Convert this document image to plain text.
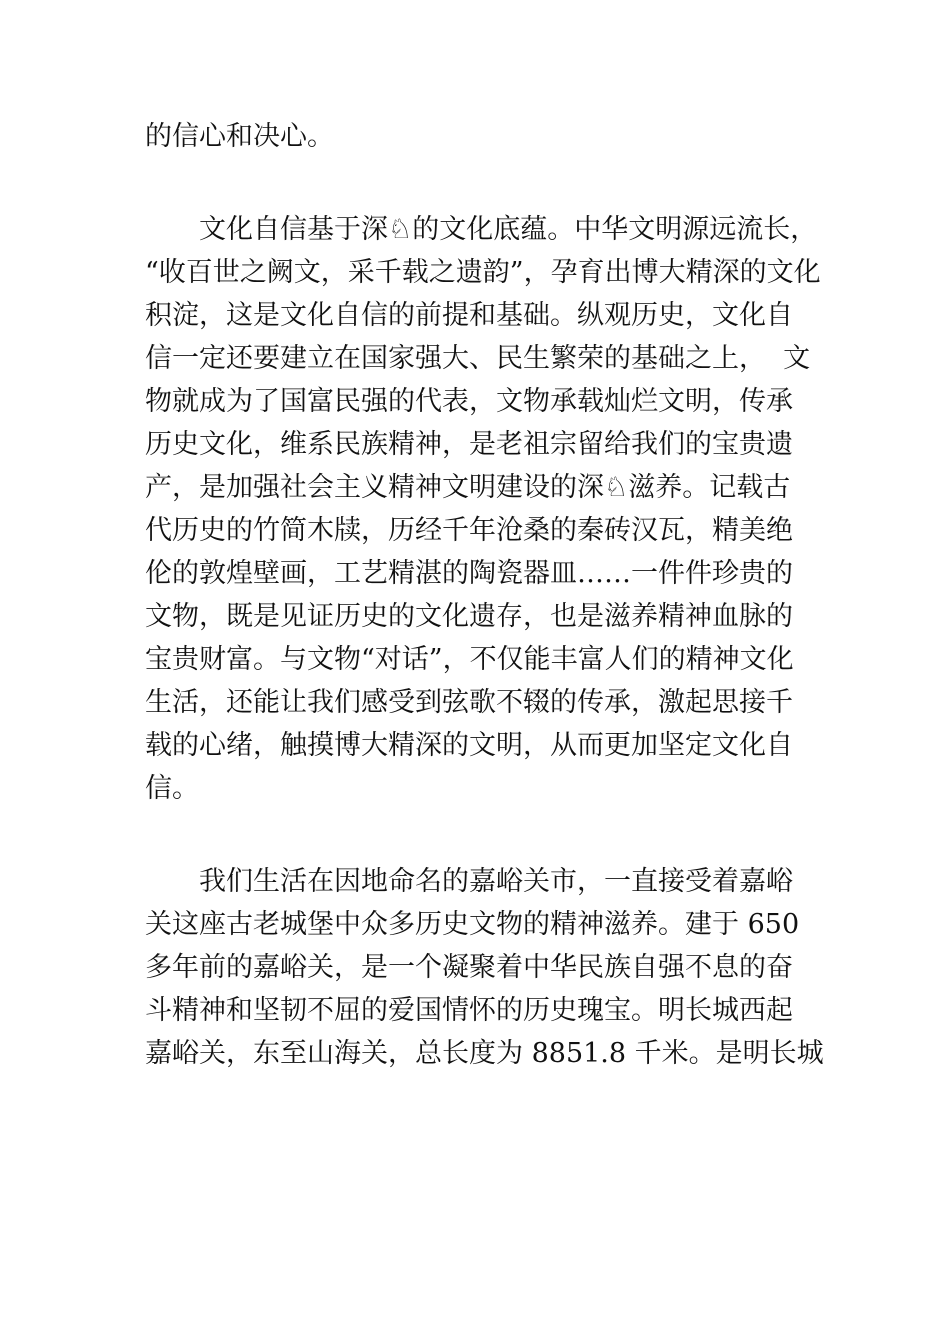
的信心和决心。
文化自信基于深♘的文化底蕴。中华文明源远流长，
“收百世之阙文，采千载之遗韵”，孕育出博大精深的文化
积淀，这是文化自信的前提和基础。纵观历史，文化自
信一定还要建立在国家强大、民生繁荣的基础之上，  文
物就成为了国富民强的代表，文物承载灿烂文明，传承
历史文化，维系民族精神，是老祖宗留给我们的宝贵遗
产，是加强社会主义精神文明建设的深♘滋养。记载古
代历史的竹简木牍，历经千年沧桑的秦砖汉瓦，精美绝
伦的敦煌壁画，工艺精湛的陶瓷器皿……一件件珍贵的
文物，既是见证历史的文化遗存，也是滋养精神血脉的
宝贵财富。与文物“对话”，不仅能丰富人们的精神文化
生活，还能让我们感受到弦歌不辍的传承，激起思接千
载的心绪，触摸博大精深的文明，从而更加坚定文化自
信。
我们生活在因地命名的嘉峪关市，一直接受着嘉峪
关这座古老城堡中众多历史文物的精神滋养。建于 650
多年前的嘉峪关，是一个凝聚着中华民族自强不息的奋
斗精神和坚韧不屈的爱国情怀的历史瑰宝。明长城西起
嘉峪关，东至山海关，总长度为 8851.8 千米。是明长城
